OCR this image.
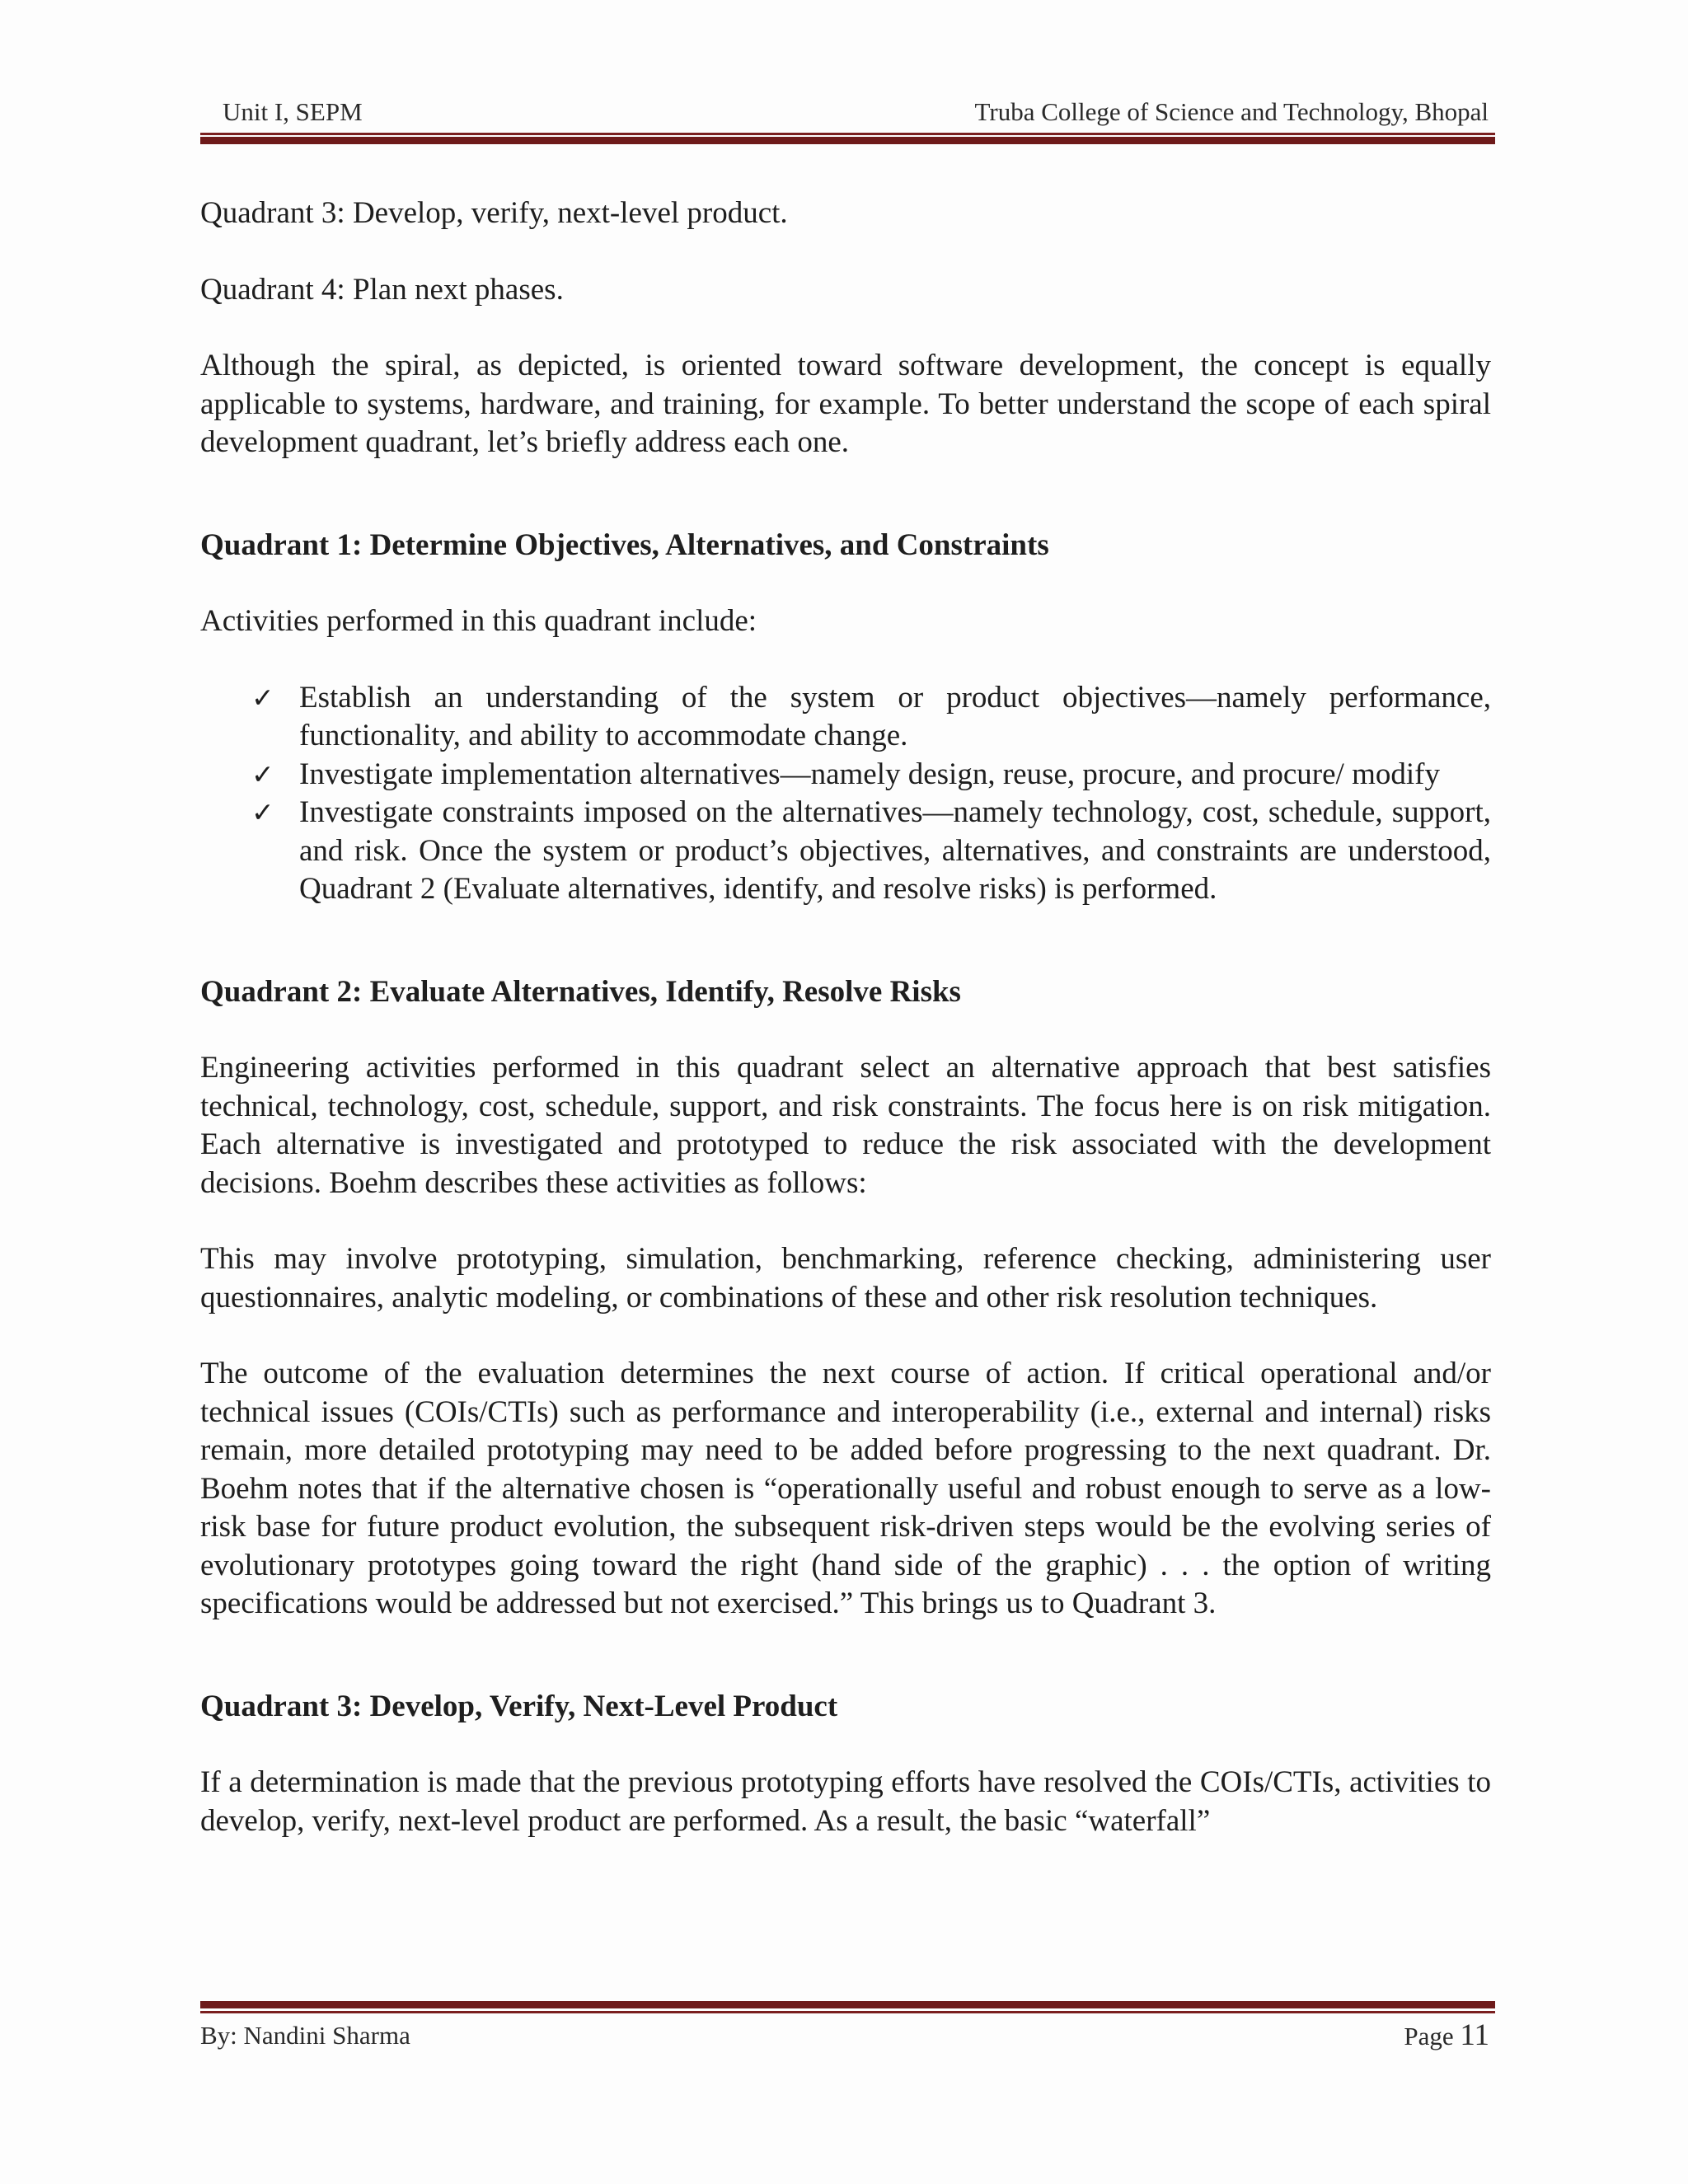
Unit I, SEPM	Truba College of Science and Technology, Bhopal

Quadrant 3: Develop, verify, next-level product.

Quadrant 4: Plan next phases.

Although the spiral, as depicted, is oriented toward software development, the concept is equally applicable to systems, hardware, and training, for example. To better understand the scope of each spiral development quadrant, let’s briefly address each one.

Quadrant 1: Determine Objectives, Alternatives, and Constraints

Activities performed in this quadrant include:

✓ Establish an understanding of the system or product objectives—namely performance, functionality, and ability to accommodate change.
✓ Investigate implementation alternatives—namely design, reuse, procure, and procure/ modify
✓ Investigate constraints imposed on the alternatives—namely technology, cost, schedule, support, and risk. Once the system or product’s objectives, alternatives, and constraints are understood, Quadrant 2 (Evaluate alternatives, identify, and resolve risks) is performed.
Quadrant 2: Evaluate Alternatives, Identify, Resolve Risks

Engineering activities performed in this quadrant select an alternative approach that best satisfies technical, technology, cost, schedule, support, and risk constraints. The focus here is on risk mitigation. Each alternative is investigated and prototyped to reduce the risk associated with the development decisions. Boehm describes these activities as follows:

This may involve prototyping, simulation, benchmarking, reference checking, administering user questionnaires, analytic modeling, or combinations of these and other risk resolution techniques.

The outcome of the evaluation determines the next course of action. If critical operational and/or technical issues (COIs/CTIs) such as performance and interoperability (i.e., external and internal) risks remain, more detailed prototyping may need to be added before progressing to the next quadrant. Dr. Boehm notes that if the alternative chosen is “operationally useful and robust enough to serve as a low-risk base for future product evolution, the subsequent risk-driven steps would be the evolving series of evolutionary prototypes going toward the right (hand side of the graphic) . . . the option of writing specifications would be addressed but not exercised.” This brings us to Quadrant 3.

Quadrant 3: Develop, Verify, Next-Level Product

If a determination is made that the previous prototyping efforts have resolved the COIs/CTIs, activities to develop, verify, next-level product are performed. As a result, the basic “waterfall”

By: Nandini Sharma	Page 11
